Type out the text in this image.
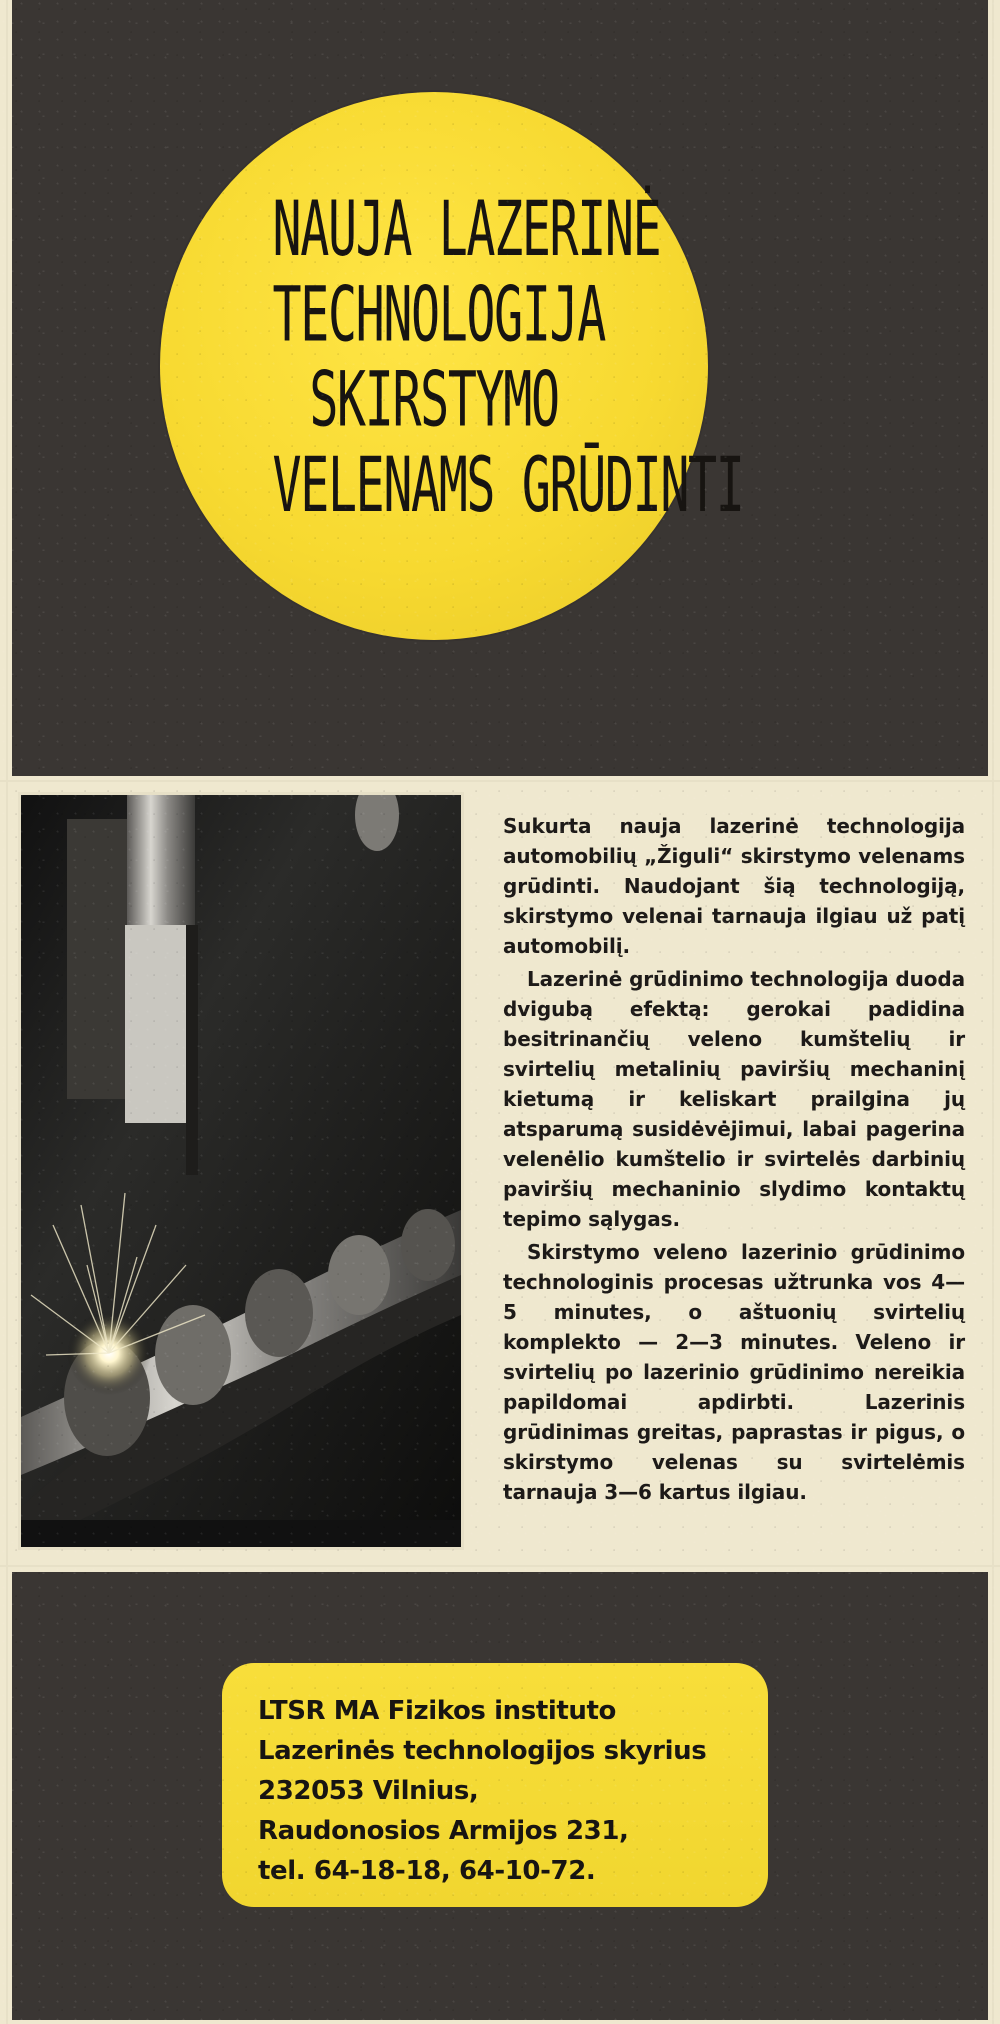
NAUJA LAZERINĖ
TECHNOLOGIJA
SKIRSTYMO
VELENAMS GRŪDINTI

Sukurta nauja lazerinė technologija automobilių „Žiguli“ skirstymo velenams grūdinti. Naudojant šią technologiją, skirstymo velenai tarnauja ilgiau už patį automobilį.

Lazerinė grūdinimo technologija duoda dvigubą efektą: gerokai padidina besitrinančių veleno kumštelių ir svirtelių metalinių paviršių mechaninį kietumą ir keliskart prailgina jų atsparumą susidėvėjimui, labai pagerina velenėlio kumštelio ir svirtelės darbinių paviršių mechaninio slydimo kontaktų tepimo sąlygas.

Skirstymo veleno lazerinio grūdinimo technologinis procesas užtrunka vos 4—5 minutes, o aštuonių svirtelių komplekto — 2—3 minutes. Veleno ir svirtelių po lazerinio grūdinimo nereikia papildomai apdirbti. Lazerinis grūdinimas greitas, paprastas ir pigus, o skirstymo velenas su svirtelėmis tarnauja 3—6 kartus ilgiau.

LTSR MA Fizikos instituto
Lazerinės technologijos skyrius
232053 Vilnius,
Raudonosios Armijos 231,
tel. 64-18-18, 64-10-72.
